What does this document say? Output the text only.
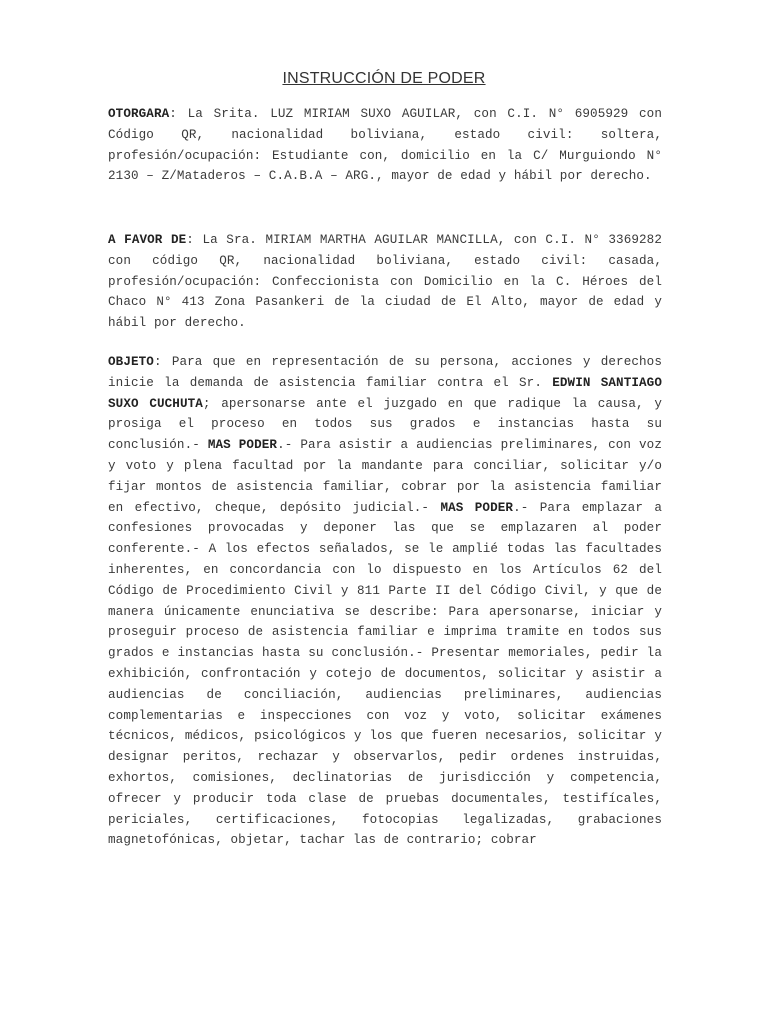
INSTRUCCIÓN DE PODER
OTORGARA: La Srita. LUZ MIRIAM SUXO AGUILAR, con C.I. N° 6905929 con Código QR, nacionalidad boliviana, estado civil: soltera, profesión/ocupación: Estudiante con, domicilio en la C/ Murguiondo N° 2130 – Z/Mataderos – C.A.B.A – ARG., mayor de edad y hábil por derecho.
A FAVOR DE: La Sra. MIRIAM MARTHA AGUILAR MANCILLA, con C.I. N° 3369282 con código QR, nacionalidad boliviana, estado civil: casada, profesión/ocupación: Confeccionista con Domicilio en la C. Héroes del Chaco N° 413 Zona Pasankeri de la ciudad de El Alto, mayor de edad y hábil por derecho.
OBJETO: Para que en representación de su persona, acciones y derechos inicie la demanda de asistencia familiar contra el Sr. EDWIN SANTIAGO SUXO CUCHUTA; apersonarse ante el juzgado en que radique la causa, y prosiga el proceso en todos sus grados e instancias hasta su conclusión.- MAS PODER.- Para asistir a audiencias preliminares, con voz y voto y plena facultad por la mandante para conciliar, solicitar y/o fijar montos de asistencia familiar, cobrar por la asistencia familiar en efectivo, cheque, depósito judicial.- MAS PODER.- Para emplazar a confesiones provocadas y deponer las que se emplazaren al poder conferente.- A los efectos señalados, se le amplié todas las facultades inherentes, en concordancia con lo dispuesto en los Artículos 62 del Código de Procedimiento Civil y 811 Parte II del Código Civil, y que de manera únicamente enunciativa se describe: Para apersonarse, iniciar y proseguir proceso de asistencia familiar e imprima tramite en todos sus grados e instancias hasta su conclusión.- Presentar memoriales, pedir la exhibición, confrontación y cotejo de documentos, solicitar y asistir a audiencias de conciliación, audiencias preliminares, audiencias complementarias e inspecciones con voz y voto, solicitar exámenes técnicos, médicos, psicológicos y los que fueren necesarios, solicitar y designar peritos, rechazar y observarlos, pedir ordenes instruidas, exhortos, comisiones, declinatorias de jurisdicción y competencia, ofrecer y producir toda clase de pruebas documentales, testifícales, periciales, certificaciones, fotocopias legalizadas, grabaciones magnetofónicas, objetar, tachar las de contrario; cobrar
